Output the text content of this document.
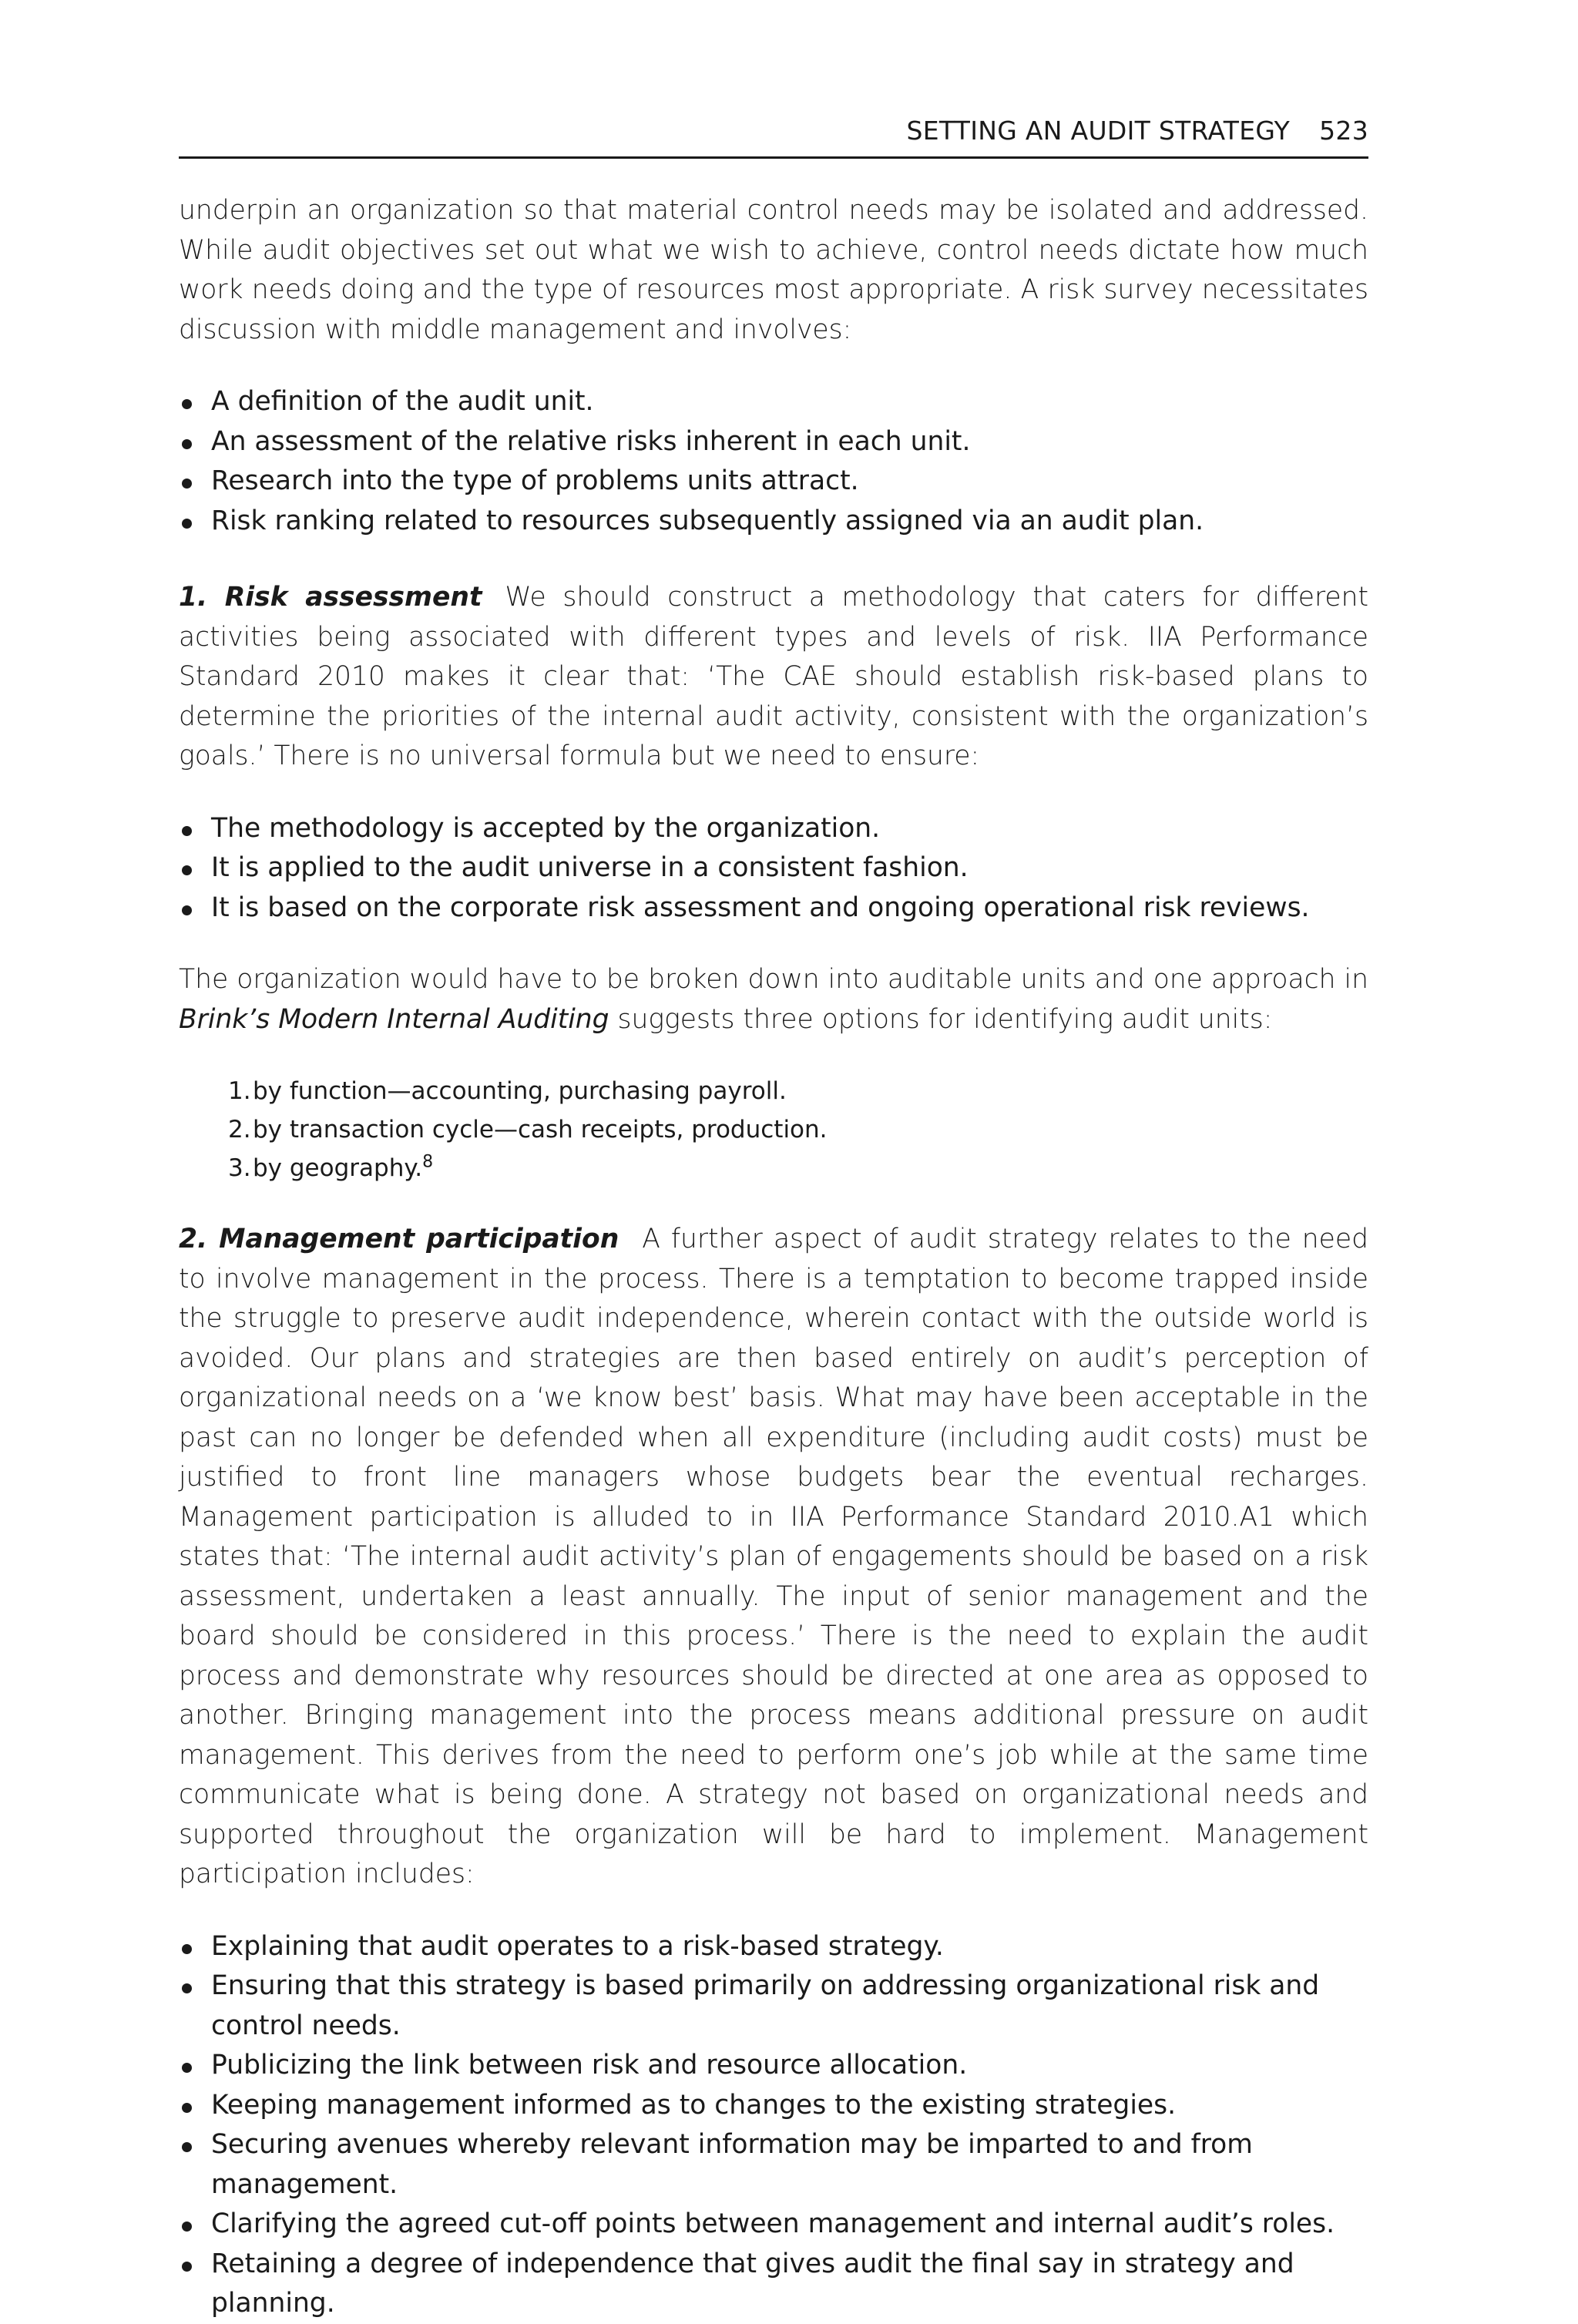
SETTING AN AUDIT STRATEGY 523

underpin an organization so that material control needs may be isolated and addressed. While audit objectives set out what we wish to achieve, control needs dictate how much work needs doing and the type of resources most appropriate. A risk survey necessitates discussion with middle management and involves:

A definition of the audit unit.
An assessment of the relative risks inherent in each unit.
Research into the type of problems units attract.
Risk ranking related to resources subsequently assigned via an audit plan.

1. Risk assessment We should construct a methodology that caters for different activities being associated with different types and levels of risk. IIA Performance Standard 2010 makes it clear that: ‘The CAE should establish risk-based plans to determine the priorities of the internal audit activity, consistent with the organization’s goals.’ There is no universal formula but we need to ensure:

The methodology is accepted by the organization.
It is applied to the audit universe in a consistent fashion.
It is based on the corporate risk assessment and ongoing operational risk reviews.

The organization would have to be broken down into auditable units and one approach in Brink’s Modern Internal Auditing suggests three options for identifying audit units:

1.by function—accounting, purchasing payroll.
2.by transaction cycle—cash receipts, production.
3.by geography.$^8$

2. Management participation A further aspect of audit strategy relates to the need to involve management in the process. There is a temptation to become trapped inside the struggle to preserve audit independence, wherein contact with the outside world is avoided. Our plans and strategies are then based entirely on audit’s perception of organizational needs on a ‘we know best’ basis. What may have been acceptable in the past can no longer be defended when all expenditure (including audit costs) must be justified to front line managers whose budgets bear the eventual recharges. Management participation is alluded to in IIA Performance Standard 2010.A1 which states that: ‘The internal audit activity’s plan of engagements should be based on a risk assessment, undertaken a least annually. The input of senior management and the board should be considered in this process.’ There is the need to explain the audit process and demonstrate why resources should be directed at one area as opposed to another. Bringing management into the process means additional pressure on audit management. This derives from the need to perform one’s job while at the same time communicate what is being done. A strategy not based on organizational needs and supported throughout the organization will be hard to implement. Management participation includes:

Explaining that audit operates to a risk-based strategy.
Ensuring that this strategy is based primarily on addressing organizational risk and control needs.
Publicizing the link between risk and resource allocation.
Keeping management informed as to changes to the existing strategies.
Securing avenues whereby relevant information may be imparted to and from management.
Clarifying the agreed cut-off points between management and internal audit’s roles.
Retaining a degree of independence that gives audit the final say in strategy and planning.
